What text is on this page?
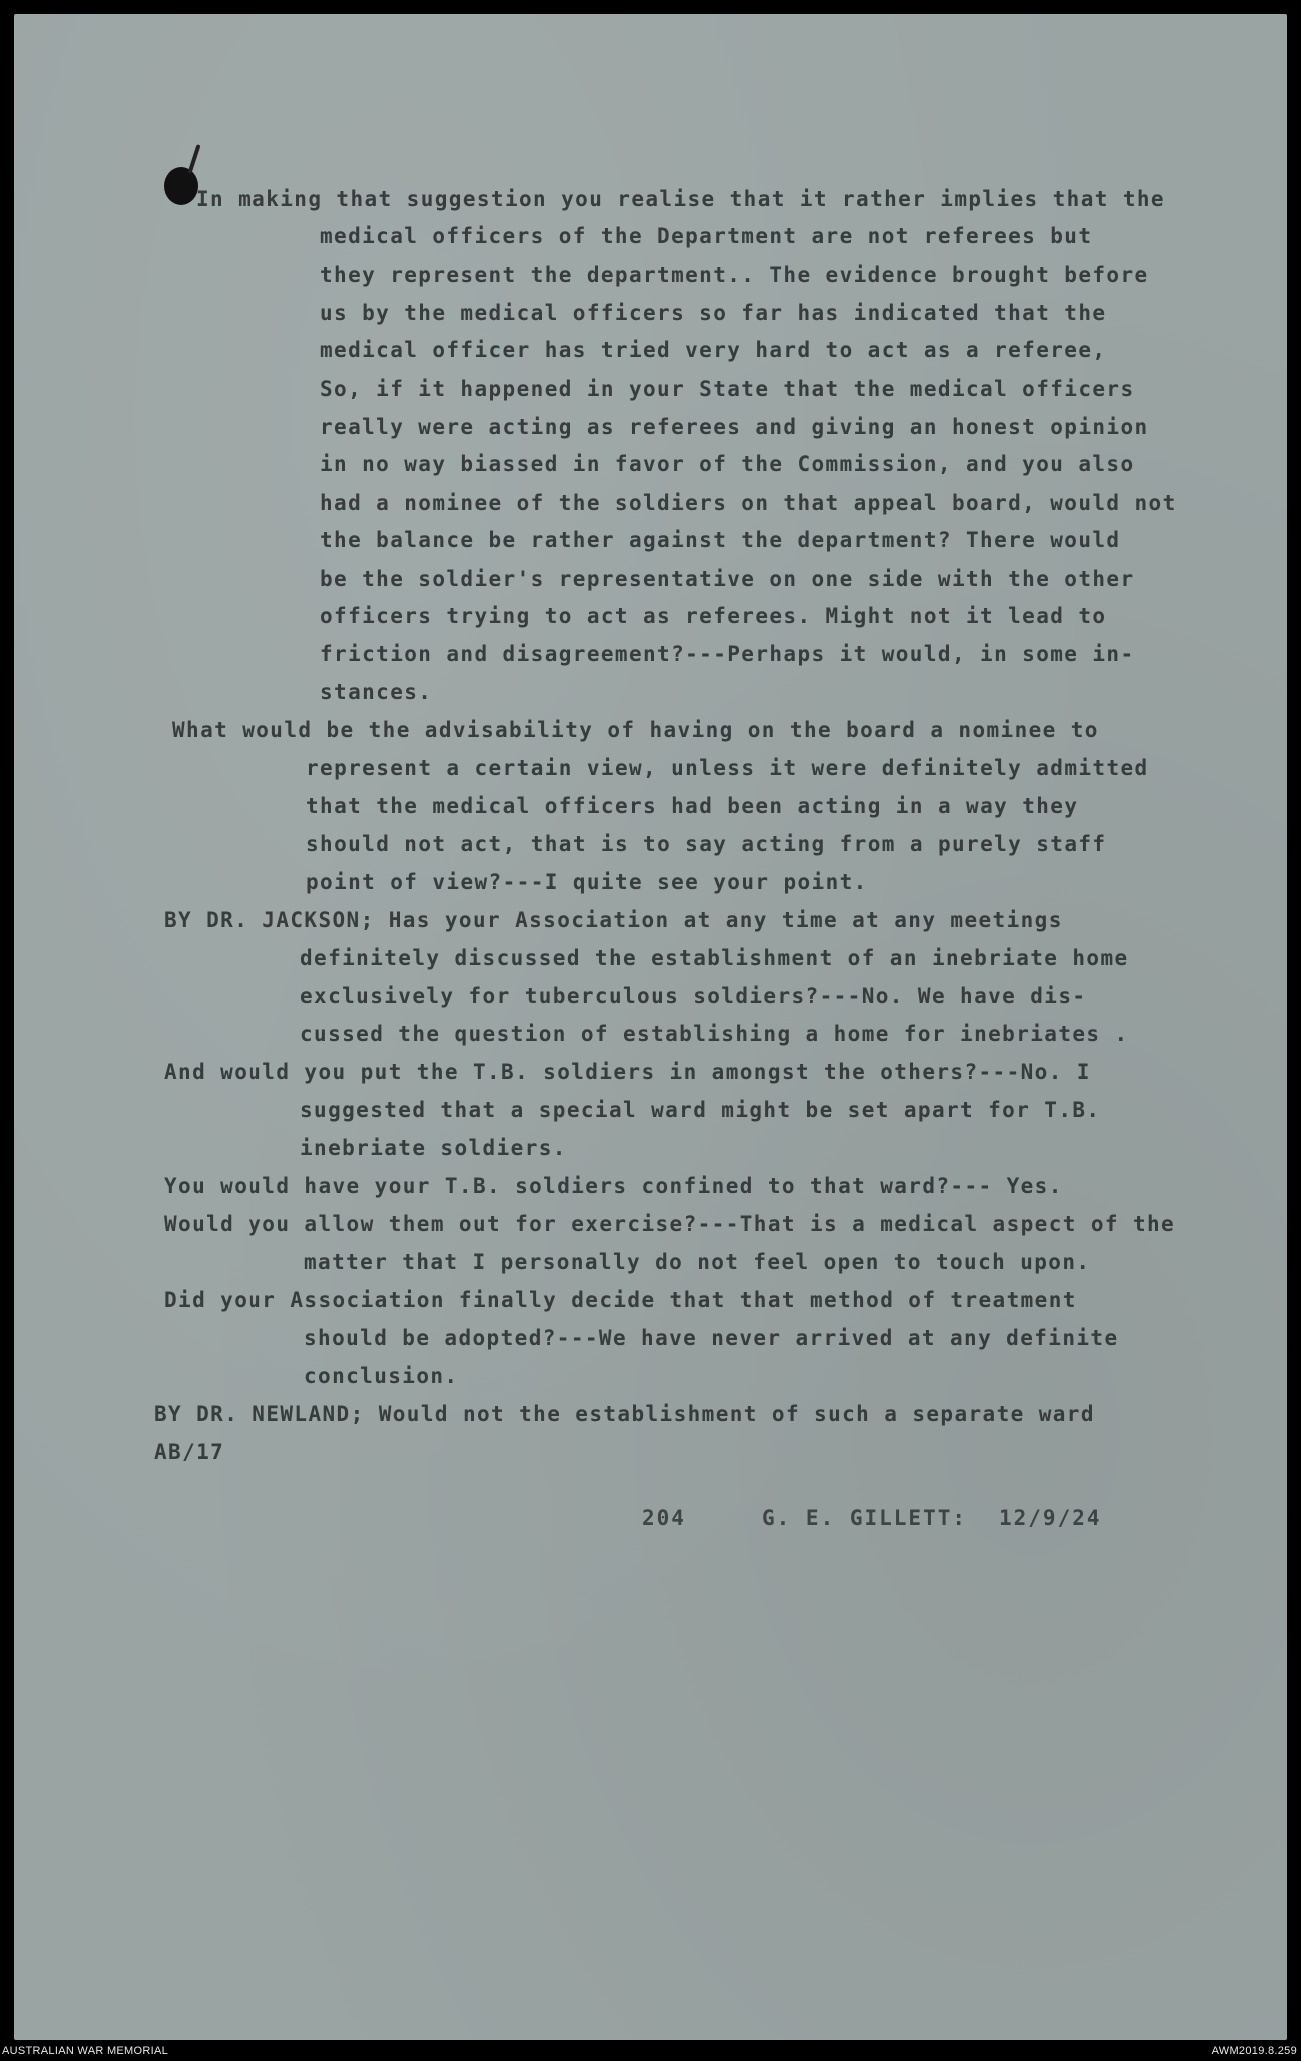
In making that suggestion you realise that it rather implies that the
medical officers of the Department are not referees but
they represent the department.. The evidence brought before
us by the medical officers so far has indicated that the
medical officer has tried very hard to act as a referee,
So, if it happened in your State that the medical officers
really were acting as referees and giving an honest opinion
in no way biassed in favor of the Commission, and you also
had a nominee of the soldiers on that appeal board, would not
the balance be rather against the department? There would
be the soldier's representative on one side with the other
officers trying to act as referees. Might not it lead to
friction and disagreement?---Perhaps it would, in some in-
stances.
What would be the advisability of having on the board a nominee to
represent a certain view, unless it were definitely admitted
that the medical officers had been acting in a way they
should not act, that is to say acting from a purely staff
point of view?---I quite see your point.
BY DR. JACKSON; Has your Association at any time at any meetings
definitely discussed the establishment of an inebriate home
exclusively for tuberculous soldiers?---No. We have dis-
cussed the question of establishing a home for inebriates .
And would you put the T.B. soldiers in amongst the others?---No. I
suggested that a special ward might be set apart for T.B.
inebriate soldiers.
You would have your T.B. soldiers confined to that ward?--- Yes.
Would you allow them out for exercise?---That is a medical aspect of the
matter that I personally do not feel open to touch upon.
Did your Association finally decide that that method of treatment
should be adopted?---We have never arrived at any definite
conclusion.
BY DR. NEWLAND; Would not the establishment of such a separate ward
AB/17
204	G. E. GILLETT: 12/9/24
AUSTRALIAN WAR MEMORIAL	AWM2019.8.259
